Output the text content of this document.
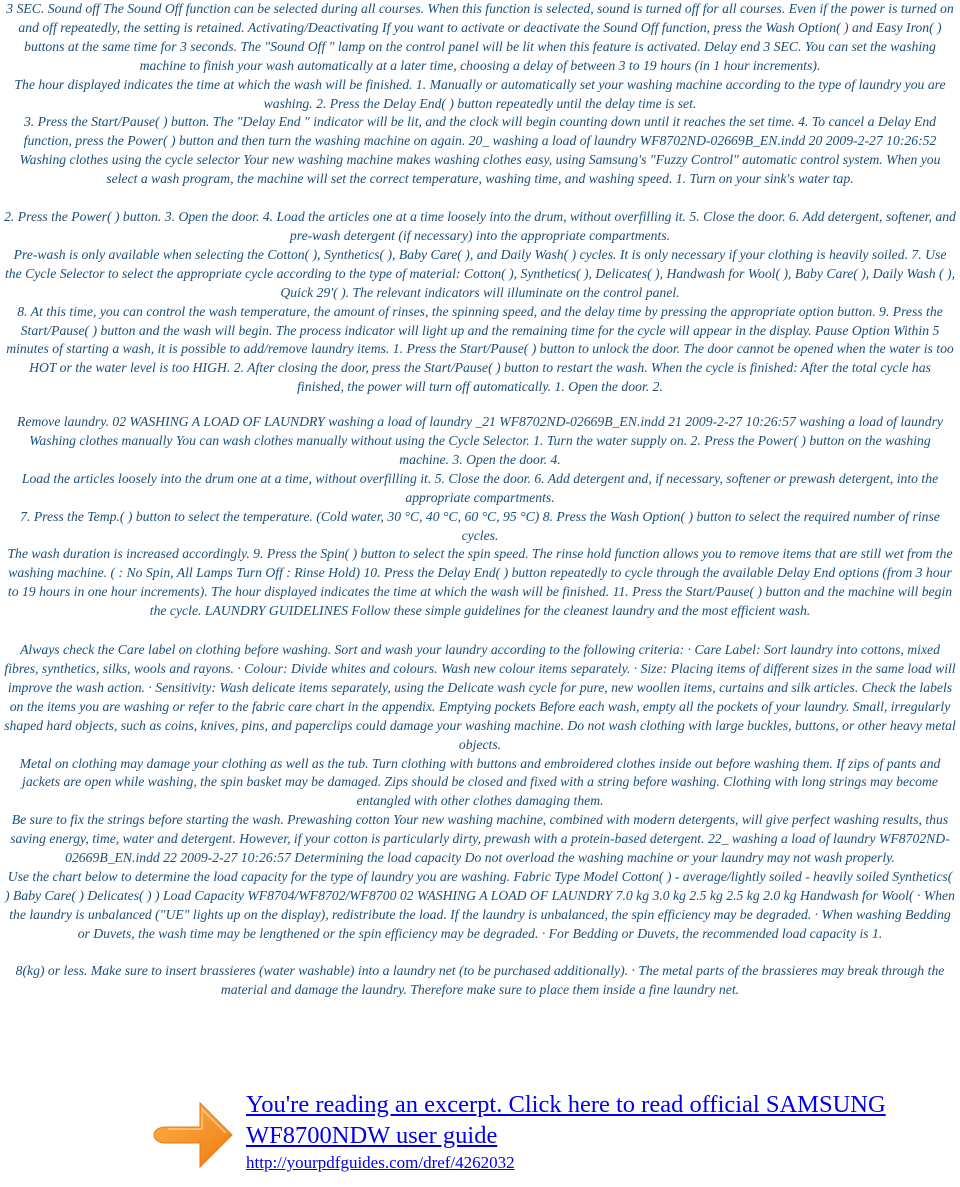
3 SEC. Sound off The Sound Off function can be selected during all courses. When this function is selected, sound is turned off for all courses. Even if the power is turned on and off repeatedly, the setting is retained. Activating/Deactivating If you want to activate or deactivate the Sound Off function, press the Wash Option( ) and Easy Iron( ) buttons at the same time for 3 seconds. The "Sound Off " lamp on the control panel will be lit when this feature is activated. Delay end 3 SEC. You can set the washing machine to finish your wash automatically at a later time, choosing a delay of between 3 to 19 hours (in 1 hour increments).

The hour displayed indicates the time at which the wash will be finished. 1. Manually or automatically set your washing machine according to the type of laundry you are washing. 2. Press the Delay End( ) button repeatedly until the delay time is set.

3. Press the Start/Pause( ) button. The "Delay End " indicator will be lit, and the clock will begin counting down until it reaches the set time. 4. To cancel a Delay End function, press the Power( ) button and then turn the washing machine on again. 20_ washing a load of laundry WF8702ND-02669B_EN.indd 20 2009-2-27 10:26:52 Washing clothes using the cycle selector Your new washing machine makes washing clothes easy, using Samsung's "Fuzzy Control" automatic control system. When you select a wash program, the machine will set the correct temperature, washing time, and washing speed. 1. Turn on your sink's water tap.

2. Press the Power( ) button. 3. Open the door. 4. Load the articles one at a time loosely into the drum, without overfilling it. 5. Close the door. 6. Add detergent, softener, and pre-wash detergent (if necessary) into the appropriate compartments.

Pre-wash is only available when selecting the Cotton( ), Synthetics( ), Baby Care( ), and Daily Wash( ) cycles. It is only necessary if your clothing is heavily soiled. 7. Use the Cycle Selector to select the appropriate cycle according to the type of material: Cotton( ), Synthetics( ), Delicates( ), Handwash for Wool( ), Baby Care( ), Daily Wash ( ), Quick 29'( ). The relevant indicators will illuminate on the control panel.

8. At this time, you can control the wash temperature, the amount of rinses, the spinning speed, and the delay time by pressing the appropriate option button. 9. Press the Start/Pause( ) button and the wash will begin. The process indicator will light up and the remaining time for the cycle will appear in the display. Pause Option Within 5 minutes of starting a wash, it is possible to add/remove laundry items. 1. Press the Start/Pause( ) button to unlock the door. The door cannot be opened when the water is too HOT or the water level is too HIGH. 2. After closing the door, press the Start/Pause( ) button to restart the wash. When the cycle is finished: After the total cycle has finished, the power will turn off automatically. 1. Open the door. 2.

Remove laundry. 02 WASHING A LOAD OF LAUNDRY washing a load of laundry _21 WF8702ND-02669B_EN.indd 21 2009-2-27 10:26:57 washing a load of laundry Washing clothes manually You can wash clothes manually without using the Cycle Selector. 1. Turn the water supply on. 2. Press the Power( ) button on the washing machine. 3. Open the door. 4.

Load the articles loosely into the drum one at a time, without overfilling it. 5. Close the door. 6. Add detergent and, if necessary, softener or prewash detergent, into the appropriate compartments.

7. Press the Temp.( ) button to select the temperature. (Cold water, 30 °C, 40 °C, 60 °C, 95 °C) 8. Press the Wash Option( ) button to select the required number of rinse cycles.

The wash duration is increased accordingly. 9. Press the Spin( ) button to select the spin speed. The rinse hold function allows you to remove items that are still wet from the washing machine. ( : No Spin, All Lamps Turn Off : Rinse Hold) 10. Press the Delay End( ) button repeatedly to cycle through the available Delay End options (from 3 hour to 19 hours in one hour increments). The hour displayed indicates the time at which the wash will be finished. 11. Press the Start/Pause( ) button and the machine will begin the cycle. LAUNDRY GUIDELINES Follow these simple guidelines for the cleanest laundry and the most efficient wash.

Always check the Care label on clothing before washing. Sort and wash your laundry according to the following criteria: · Care Label: Sort laundry into cottons, mixed fibres, synthetics, silks, wools and rayons. · Colour: Divide whites and colours. Wash new colour items separately. · Size: Placing items of different sizes in the same load will improve the wash action. · Sensitivity: Wash delicate items separately, using the Delicate wash cycle for pure, new woollen items, curtains and silk articles. Check the labels on the items you are washing or refer to the fabric care chart in the appendix. Emptying pockets Before each wash, empty all the pockets of your laundry. Small, irregularly shaped hard objects, such as coins, knives, pins, and paperclips could damage your washing machine. Do not wash clothing with large buckles, buttons, or other heavy metal objects.

Metal on clothing may damage your clothing as well as the tub. Turn clothing with buttons and embroidered clothes inside out before washing them. If zips of pants and jackets are open while washing, the spin basket may be damaged. Zips should be closed and fixed with a string before washing. Clothing with long strings may become entangled with other clothes damaging them.

Be sure to fix the strings before starting the wash. Prewashing cotton Your new washing machine, combined with modern detergents, will give perfect washing results, thus saving energy, time, water and detergent. However, if your cotton is particularly dirty, prewash with a protein-based detergent. 22_ washing a load of laundry WF8702ND-02669B_EN.indd 22 2009-2-27 10:26:57 Determining the load capacity Do not overload the washing machine or your laundry may not wash properly.

Use the chart below to determine the load capacity for the type of laundry you are washing. Fabric Type Model Cotton( ) - average/lightly soiled - heavily soiled Synthetics( ) Baby Care( ) Delicates( ) ) Load Capacity WF8704/WF8702/WF8700 02 WASHING A LOAD OF LAUNDRY 7.0 kg 3.0 kg 2.5 kg 2.5 kg 2.0 kg Handwash for Wool( · When the laundry is unbalanced ("UE" lights up on the display), redistribute the load. If the laundry is unbalanced, the spin efficiency may be degraded. · When washing Bedding or Duvets, the wash time may be lengthened or the spin efficiency may be degraded. · For Bedding or Duvets, the recommended load capacity is 1.

8(kg) or less. Make sure to insert brassieres (water washable) into a laundry net (to be purchased additionally). · The metal parts of the brassieres may break through the material and damage the laundry. Therefore make sure to place them inside a fine laundry net.

You're reading an excerpt. Click here to read official SAMSUNG WF8700NDW user guide
http://yourpdfguides.com/dref/4262032
